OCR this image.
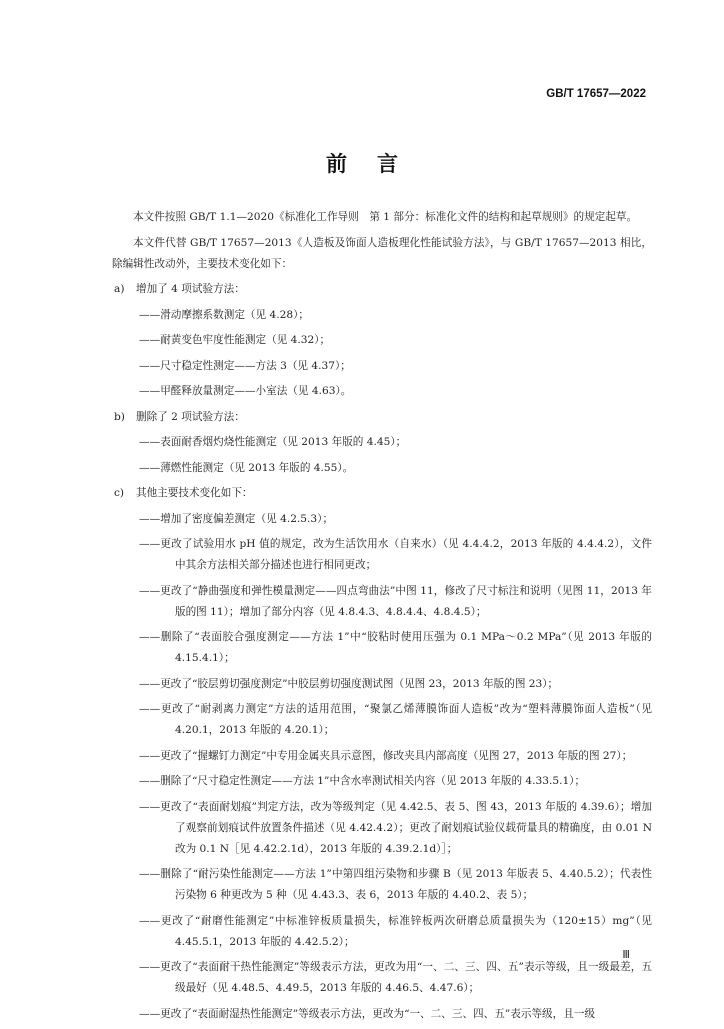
GB/T 17657—2022
前言

本文件按照 GB/T 1.1—2020《标准化工作导则　第 1 部分：标准化文件的结构和起草规则》的规定起草。

本文件代替 GB/T 17657—2013《人造板及饰面人造板理化性能试验方法》，与 GB/T 17657—2013 相比，除编辑性改动外，主要技术变化如下：

a) 增加了 4 项试验方法：
——滑动摩擦系数测定（见 4.28）；
——耐黄变色牢度性能测定（见 4.32）；
——尺寸稳定性测定——方法 3（见 4.37）；
——甲醛释放量测定——小室法（见 4.63）。
b) 删除了 2 项试验方法：
——表面耐香烟灼烧性能测定（见 2013 年版的 4.45）；
——薄燃性能测定（见 2013 年版的 4.55）。
c) 其他主要技术变化如下：
——增加了密度偏差测定（见 4.2.5.3）；
——更改了试验用水 pH 值的规定，改为生活饮用水（自来水）（见 4.4.4.2，2013 年版的 4.4.4.2），文件中其余方法相关部分描述也进行相同更改；
——更改了“静曲强度和弹性模量测定——四点弯曲法”中图 11，修改了尺寸标注和说明（见图 11，2013 年版的图 11）；增加了部分内容（见 4.8.4.3、4.8.4.4、4.8.4.5）；
——删除了“表面胶合强度测定——方法 1”中“胶粘时使用压强为 0.1 MPa～0.2 MPa”（见 2013 年版的 4.15.4.1）；
——更改了“胶层剪切强度测定”中胶层剪切强度测试图（见图 23，2013 年版的图 23）；
——更改了“耐剥离力测定”方法的适用范围，“聚氯乙烯薄膜饰面人造板”改为“塑料薄膜饰面人造板”（见 4.20.1，2013 年版的 4.20.1）；
——更改了“握螺钉力测定”中专用金属夹具示意图，修改夹具内部高度（见图 27，2013 年版的图 27）；
——删除了“尺寸稳定性测定——方法 1”中含水率测试相关内容（见 2013 年版的 4.33.5.1）；
——更改了“表面耐划痕”判定方法，改为等级判定（见 4.42.5、表 5、图 43，2013 年版的 4.39.6）；增加了观察前划痕试件放置条件描述（见 4.42.4.2）；更改了耐划痕试验仪载荷量具的精确度，由 0.01 N 改为 0.1 N［见 4.42.2.1d），2013 年版的 4.39.2.1d）］；
——删除了“耐污染性能测定——方法 1”中第四组污染物和步骤 B（见 2013 年版表 5、4.40.5.2）；代表性污染物 6 种更改为 5 种（见 4.43.3、表 6，2013 年版的 4.40.2、表 5）；
——更改了“耐磨性能测定”中标准锌板质量损失，标准锌板两次研磨总质量损失为（120±15）mg”（见 4.45.5.1，2013 年版的 4.42.5.2）；
——更改了“表面耐干热性能测定”等级表示方法，更改为用“一、二、三、四、五”表示等级，且一级最差，五级最好（见 4.48.5、4.49.5，2013 年版的 4.46.5、4.47.6）；
——更改了“表面耐湿热性能测定”等级表示方法，更改为“一、二、三、四、五”表示等级，且一级
Ⅲ
